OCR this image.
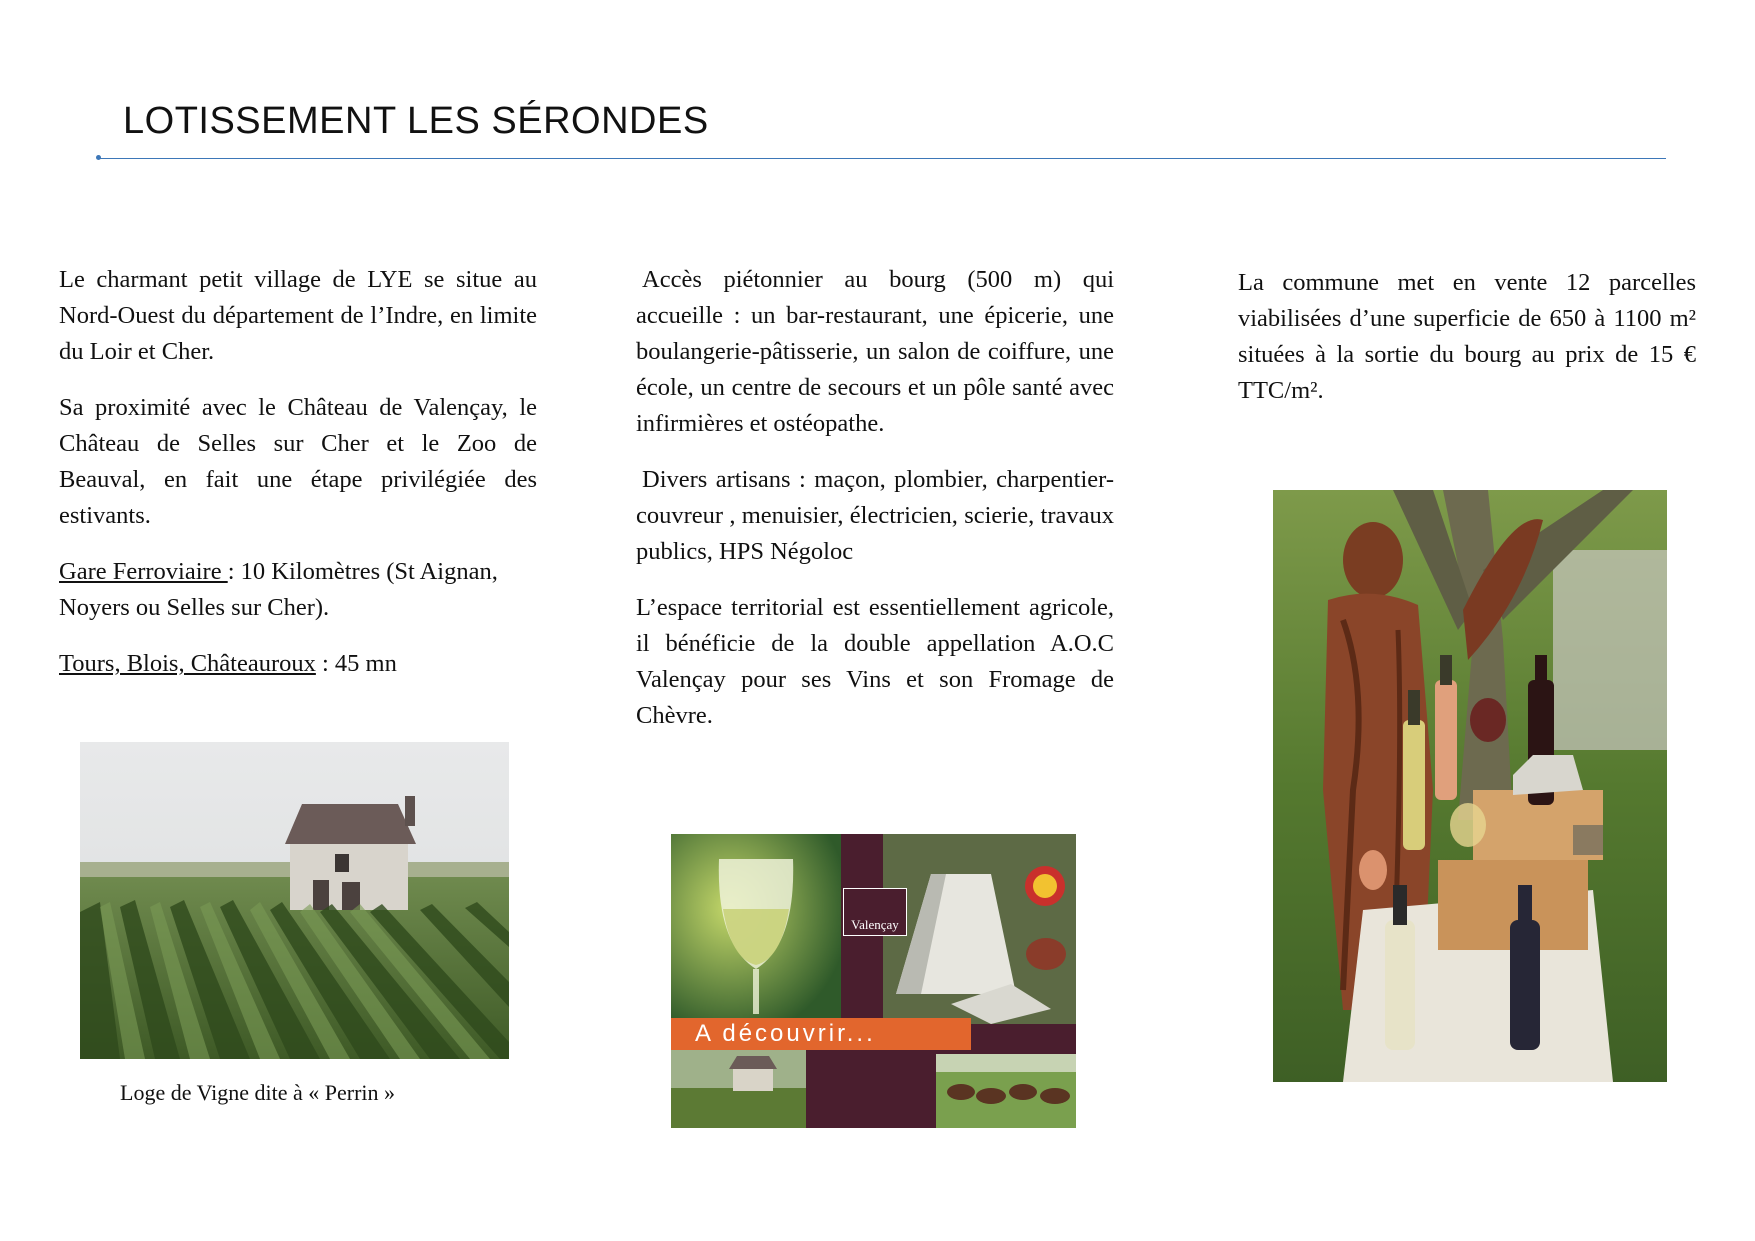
LOTISSEMENT LES SÉRONDES

Le charmant petit village de LYE se situe au Nord-Ouest du département de l’Indre, en limite du Loir et Cher.

Sa proximité avec le Château de Valençay, le Château de Selles sur Cher et le Zoo de Beauval, en fait une étape privilégiée des estivants.

Gare Ferroviaire : 10 Kilomètres (St Aignan, Noyers ou Selles sur Cher).

Tours, Blois, Châteauroux : 45 mn

Loge de Vigne dite à « Perrin »

Accès piétonnier au bourg (500 m) qui accueille : un bar-restaurant, une épicerie, une boulangerie-pâtisserie, un salon de coiffure, une école, un centre de secours et un pôle santé avec infirmières et ostéopathe.

Divers artisans : maçon, plombier, charpentier-couvreur , menuisier, électricien, scierie, travaux publics, HPS Négoloc

L’espace territorial est essentiellement agricole, il bénéficie de la double appellation A.O.C Valençay pour ses Vins et son Fromage de Chèvre.

Valençay
A découvrir...

La commune met en vente 12 parcelles viabilisées d’une superficie de 650 à 1100 m² situées à la sortie du bourg au prix de 15 € TTC/m².
